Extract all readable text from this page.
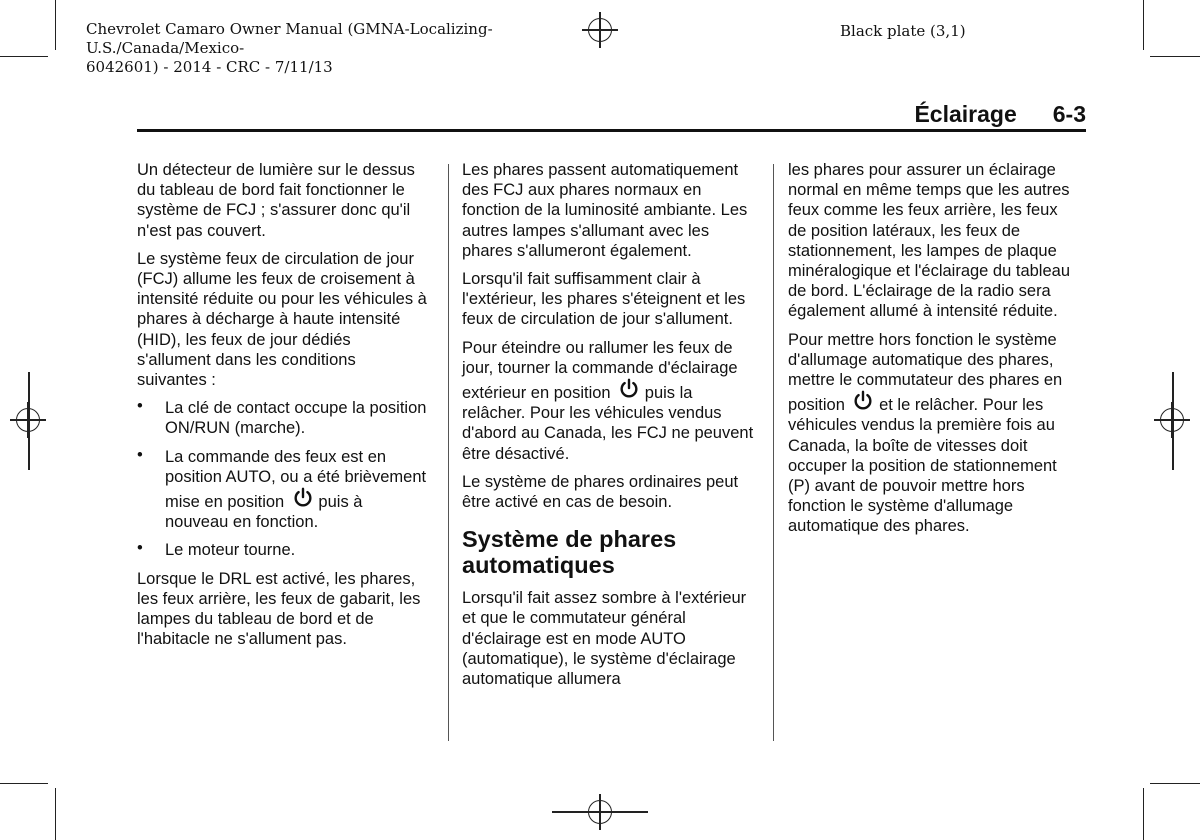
Chevrolet Camaro Owner Manual (GMNA-Localizing-U.S./Canada/Mexico-
6042601) - 2014 - CRC - 7/11/13
Black plate (3,1)
Éclairage 6-3

Un détecteur de lumière sur le dessus du tableau de bord fait fonctionner le système de FCJ ; s'assurer donc qu'il n'est pas couvert.

Le système feux de circulation de jour (FCJ) allume les feux de croisement à intensité réduite ou pour les véhicules à phares à décharge à haute intensité (HID), les feux de jour dédiés s'allument dans les conditions suivantes :

• La clé de contact occupe la position ON/RUN (marche).
• La commande des feux est en position AUTO, ou a été brièvement mise en position puis à nouveau en fonction.
• Le moteur tourne.

Lorsque le DRL est activé, les phares, les feux arrière, les feux de gabarit, les lampes du tableau de bord et de l'habitacle ne s'allument pas.

Les phares passent automatiquement des FCJ aux phares normaux en fonction de la luminosité ambiante. Les autres lampes s'allumant avec les phares s'allumeront également.

Lorsqu'il fait suffisamment clair à l'extérieur, les phares s'éteignent et les feux de circulation de jour s'allument.

Pour éteindre ou rallumer les feux de jour, tourner la commande d'éclairage extérieur en position puis la relâcher. Pour les véhicules vendus d'abord au Canada, les FCJ ne peuvent être désactivé.

Le système de phares ordinaires peut être activé en cas de besoin.

Système de phares automatiques

Lorsqu'il fait assez sombre à l'extérieur et que le commutateur général d'éclairage est en mode AUTO (automatique), le système d'éclairage automatique allumera

les phares pour assurer un éclairage normal en même temps que les autres feux comme les feux arrière, les feux de position latéraux, les feux de stationnement, les lampes de plaque minéralogique et l'éclairage du tableau de bord. L'éclairage de la radio sera également allumé à intensité réduite.

Pour mettre hors fonction le système d'allumage automatique des phares, mettre le commutateur des phares en position et le relâcher. Pour les véhicules vendus la première fois au Canada, la boîte de vitesses doit occuper la position de stationnement (P) avant de pouvoir mettre hors fonction le système d'allumage automatique des phares.
